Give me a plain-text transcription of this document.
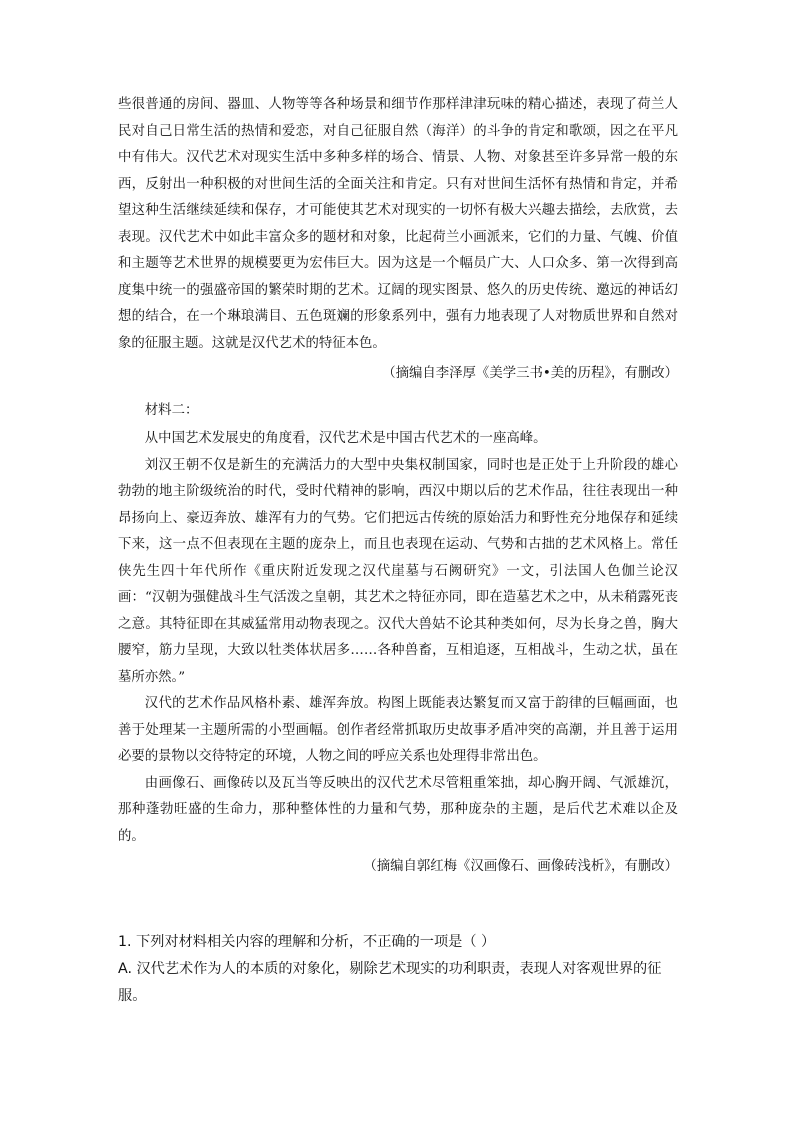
些很普通的房间、器皿、人物等等各种场景和细节作那样津津玩味的精心描述，表现了荷兰人民对自己日常生活的热情和爱恋，对自己征服自然（海洋）的斗争的肯定和歌颂，因之在平凡中有伟大。汉代艺术对现实生活中多种多样的场合、情景、人物、对象甚至许多异常一般的东西，反射出一种积极的对世间生活的全面关注和肯定。只有对世间生活怀有热情和肯定，并希望这种生活继续延续和保存，才可能使其艺术对现实的一切怀有极大兴趣去描绘，去欣赏，去表现。汉代艺术中如此丰富众多的题材和对象，比起荷兰小画派来，它们的力量、气魄、价值和主题等艺术世界的规模要更为宏伟巨大。因为这是一个幅员广大、人口众多、第一次得到高度集中统一的强盛帝国的繁荣时期的艺术。辽阔的现实图景、悠久的历史传统、邀远的神话幻想的结合，在一个琳琅满目、五色斑斓的形象系列中，强有力地表现了人对物质世界和自然对象的征服主题。这就是汉代艺术的特征本色。

（摘编自李泽厚《美学三书•美的历程》，有删改）
材料二：

从中国艺术发展史的角度看，汉代艺术是中国古代艺术的一座高峰。

刘汉王朝不仅是新生的充满活力的大型中央集权制国家，同时也是正处于上升阶段的雄心勃勃的地主阶级统治的时代，受时代精神的影响，西汉中期以后的艺术作品，往往表现出一种昂扬向上、豪迈奔放、雄浑有力的气势。它们把远古传统的原始活力和野性充分地保存和延续下来，这一点不但表现在主题的庞杂上，而且也表现在运动、气势和古拙的艺术风格上。常任侠先生四十年代所作《重庆附近发现之汉代崖墓与石阙研究》一文，引法国人色伽兰论汉画：“汉朝为强健战斗生气活泼之皇朝，其艺术之特征亦同，即在造墓艺术之中，从未稍露死丧之意。其特征即在其威猛常用动物表现之。汉代大兽姑不论其种类如何，尽为长身之兽，胸大腰窄，筋力呈现，大致以牡类体状居多……各种兽畜，互相追逐，互相战斗，生动之状，虽在墓所亦然。”

汉代的艺术作品风格朴素、雄浑奔放。构图上既能表达繁复而又富于韵律的巨幅画面，也善于处理某一主题所需的小型画幅。创作者经常抓取历史故事矛盾冲突的高潮，并且善于运用必要的景物以交待特定的环境，人物之间的呼应关系也处理得非常出色。

由画像石、画像砖以及瓦当等反映出的汉代艺术尽管粗重笨拙，却心胸开阔、气派雄沉，那种蓬勃旺盛的生命力，那种整体性的力量和气势，那种庞杂的主题，是后代艺术难以企及的。

（摘编自郭红梅《汉画像石、画像砖浅析》，有删改）

1. 下列对材料相关内容的理解和分析，不正确的一项是（ ）

A. 汉代艺术作为人的本质的对象化，剔除艺术现实的功利职责，表现人对客观世界的征服。
